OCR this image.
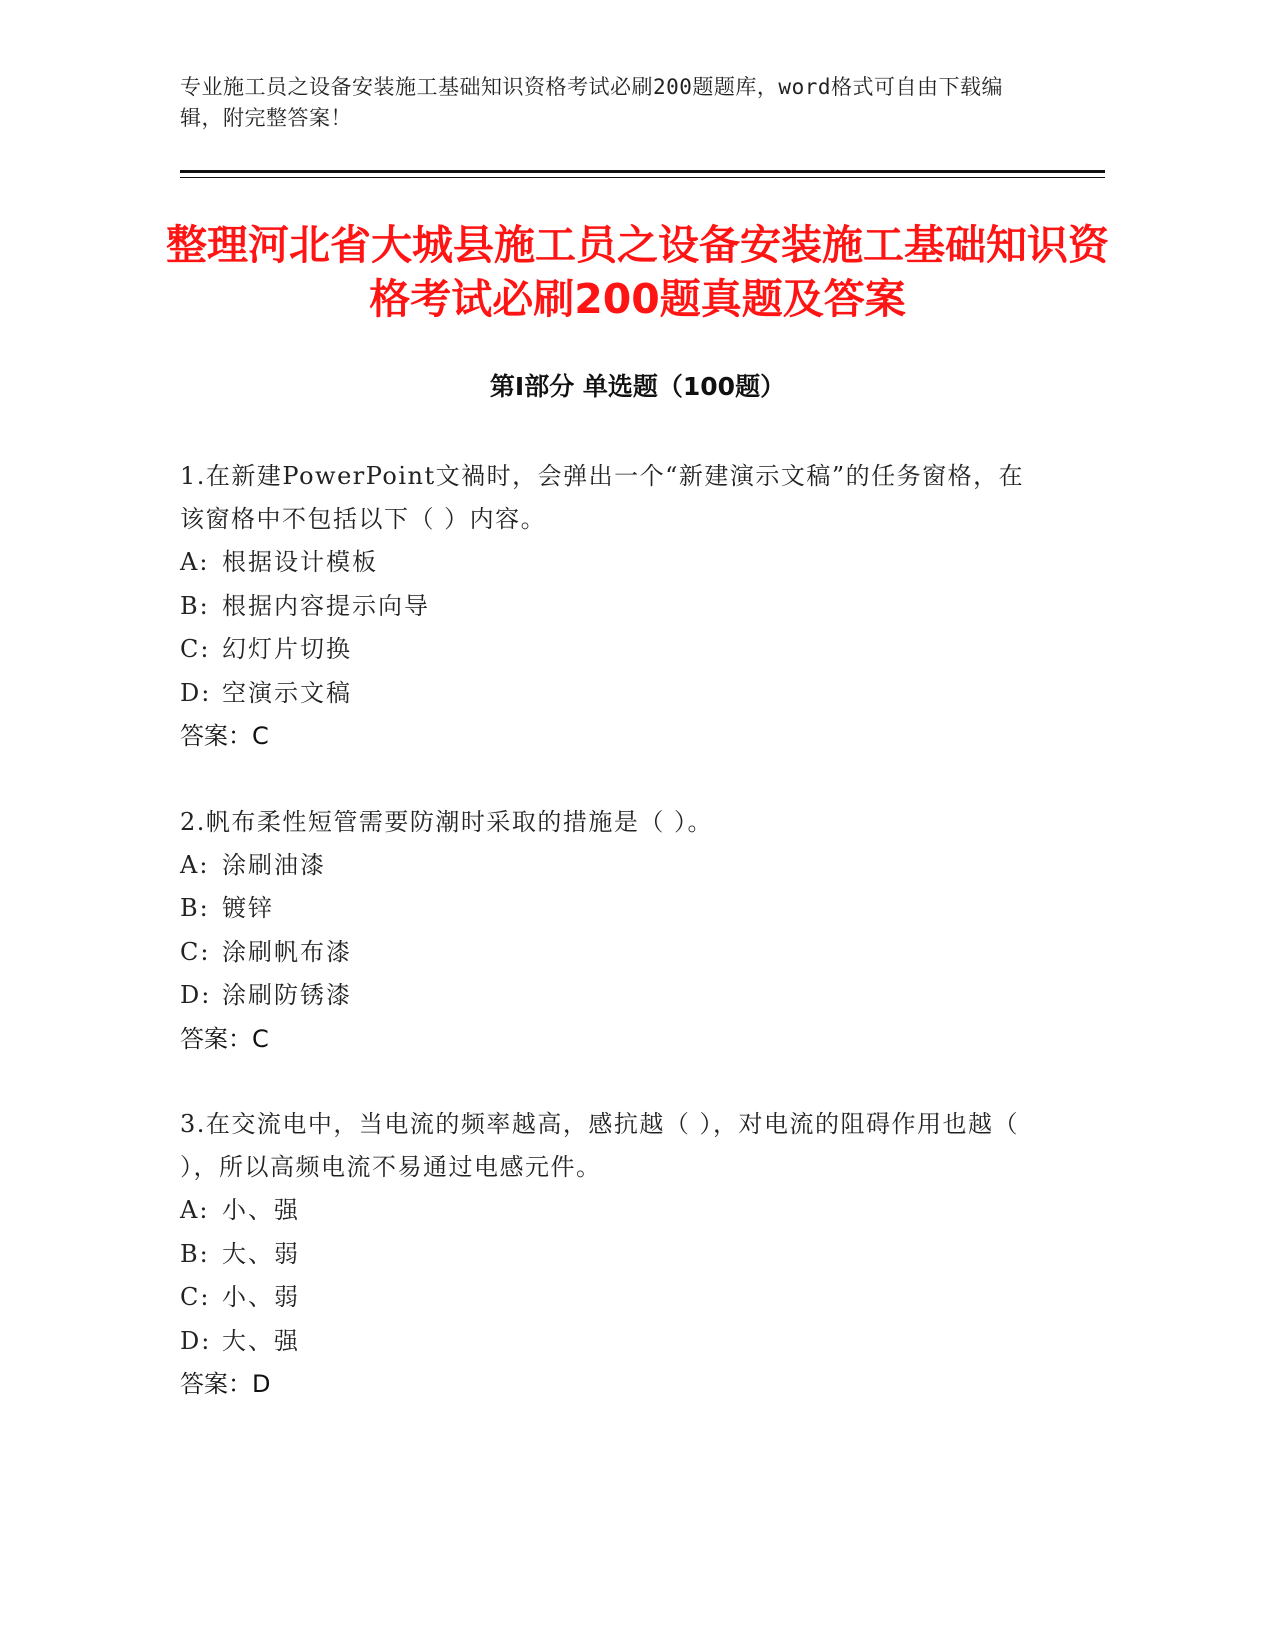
专业施工员之设备安装施工基础知识资格考试必刷200题题库，word格式可自由下载编辑，附完整答案！
整理河北省大城县施工员之设备安装施工基础知识资格考试必刷200题真题及答案
第Ⅰ部分 单选题（100题）
1.在新建PowerPoint文禍时，会弹出一个“新建演示文稿”的任务窗格，在该窗格中不包括以下（ ）内容。
A: 根据设计模板
B: 根据内容提示向导
C: 幻灯片切换
D: 空演示文稿
答案：C
2.帆布柔性短管需要防潮时采取的措施是（ ）。
A: 涂刷油漆
B: 镀锌
C: 涂刷帆布漆
D: 涂刷防锈漆
答案：C
3.在交流电中，当电流的频率越高，感抗越（ ），对电流的阻碍作用也越（ ），所以高频电流不易通过电感元件。
A: 小、强
B: 大、弱
C: 小、弱
D: 大、强
答案：D
